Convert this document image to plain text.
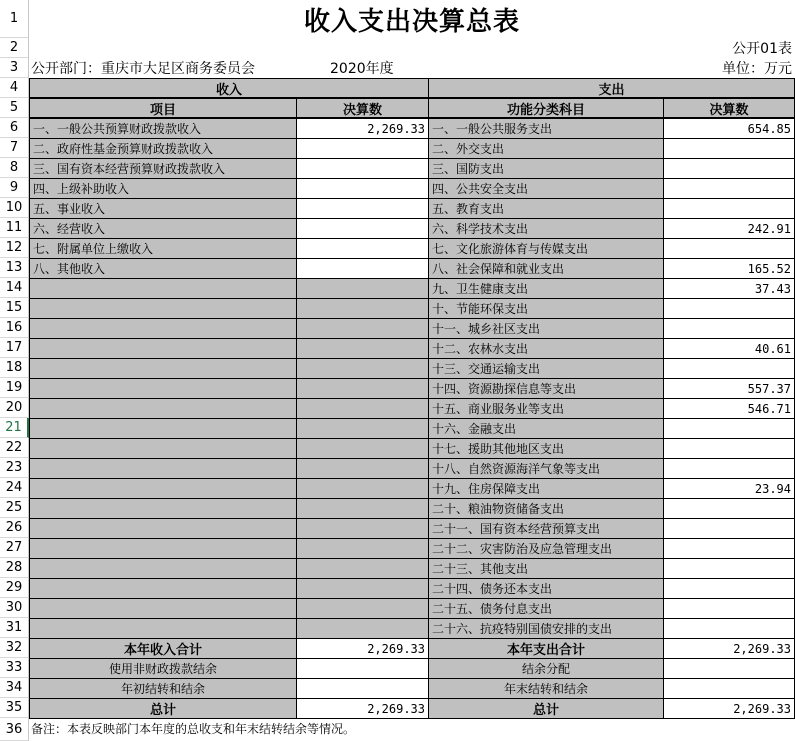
1	收入支出决算总表
2	公开01表
3 公开部门：重庆市大足区商务委员会	2020年度	单位：万元
4	收入	支出
5	项目	决算数	功能分类科目	决算数
6	一、一般公共预算财政拨款收入	2,269.33 一、一般公共服务支出	654.85
7	二、政府性基金预算财政拨款收入	二、外交支出
8	三、国有资本经营预算财政拨款收入	三、国防支出
9	四、上级补助收入	四、公共安全支出
10 五、事业收入	五、教育支出
11 六、经营收入	六、科学技术支出	242.91
12 七、附属单位上缴收入	七、文化旅游体育与传媒支出
13 八、其他收入	八、社会保障和就业支出	165.52
14	九、卫生健康支出	37.43
15	十、节能环保支出
16	十一、城乡社区支出
17	十二、农林水支出	40.61
18	十三、交通运输支出
19	十四、资源勘探信息等支出	557.37
20	十五、商业服务业等支出	546.71
21	十六、金融支出
22	十七、援助其他地区支出
23	十八、自然资源海洋气象等支出
24	十九、住房保障支出	23.94
25	二十、粮油物资储备支出
26	二十一、国有资本经营预算支出
27	二十二、灾害防治及应急管理支出
28	二十三、其他支出
29	二十四、债务还本支出
30	二十五、债务付息支出
31	二十六、抗疫特别国债安排的支出
32	本年收入合计	2,269.33	本年支出合计	2,269.33
33	使用非财政拨款结余	结余分配
34	年初结转和结余	年末结转和结余
35	总计	2,269.33	总计	2,269.33
36 备注：本表反映部门本年度的总收支和年末结转结余等情况。
